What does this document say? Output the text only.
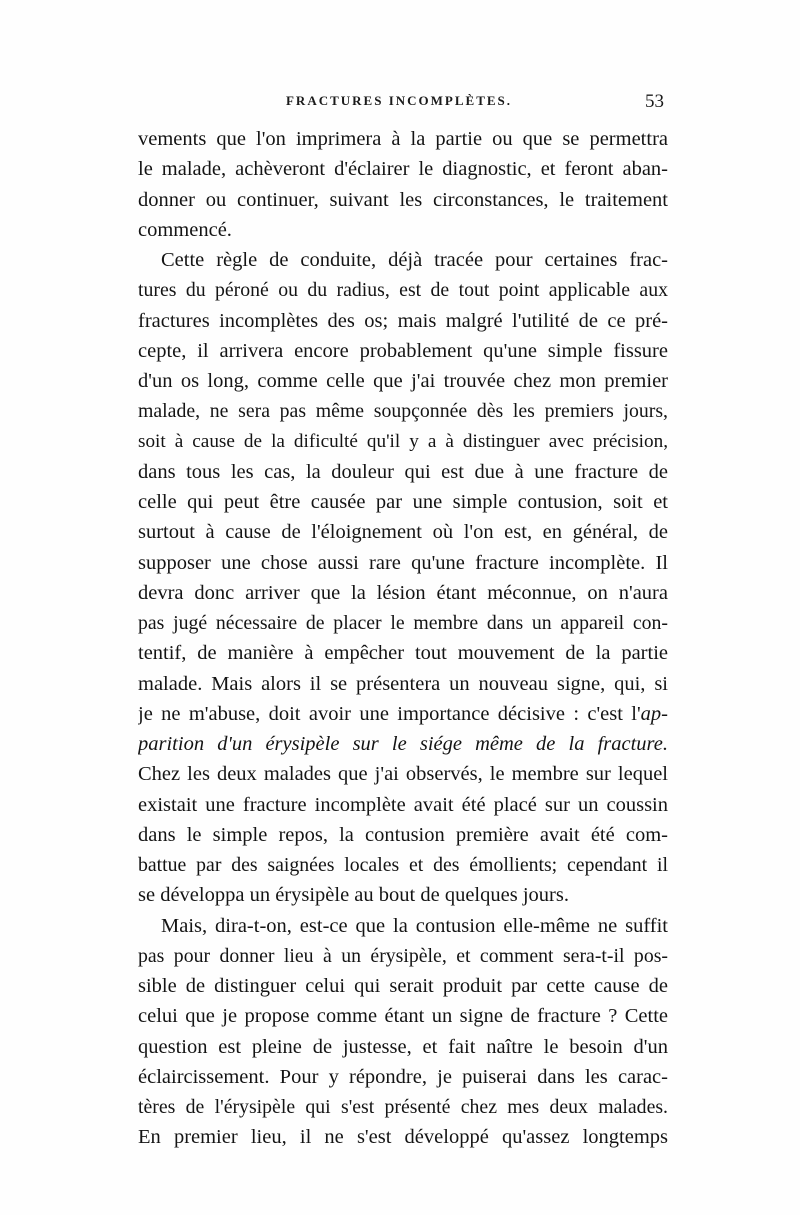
FRACTURES INCOMPLÈTES.	53
vements que l'on imprimera à la partie ou que se permettra
le malade, achèveront d'éclairer le diagnostic, et feront aban-
donner ou continuer, suivant les circonstances, le traitement
commencé.
Cette règle de conduite, déjà tracée pour certaines frac-
tures du péroné ou du radius, est de tout point applicable aux
fractures incomplètes des os; mais malgré l'utilité de ce pré-
cepte, il arrivera encore probablement qu'une simple fissure
d'un os long, comme celle que j'ai trouvée chez mon premier
malade, ne sera pas même soupçonnée dès les premiers jours,
soit à cause de la dificulté qu'il y a à distinguer avec précision,
dans tous les cas, la douleur qui est due à une fracture de
celle qui peut être causée par une simple contusion, soit et
surtout à cause de l'éloignement où l'on est, en général, de
supposer une chose aussi rare qu'une fracture incomplète. Il
devra donc arriver que la lésion étant méconnue, on n'aura
pas jugé nécessaire de placer le membre dans un appareil con-
tentif, de manière à empêcher tout mouvement de la partie
malade. Mais alors il se présentera un nouveau signe, qui, si
je ne m'abuse, doit avoir une importance décisive : c'est l'ap-
parition d'un érysipèle sur le siége même de la fracture.
Chez les deux malades que j'ai observés, le membre sur lequel
existait une fracture incomplète avait été placé sur un coussin
dans le simple repos, la contusion première avait été com-
battue par des saignées locales et des émollients; cependant il
se développa un érysipèle au bout de quelques jours.
Mais, dira-t-on, est-ce que la contusion elle-même ne suffit
pas pour donner lieu à un érysipèle, et comment sera-t-il pos-
sible de distinguer celui qui serait produit par cette cause de
celui que je propose comme étant un signe de fracture ? Cette
question est pleine de justesse, et fait naître le besoin d'un
éclaircissement. Pour y répondre, je puiserai dans les carac-
tères de l'érysipèle qui s'est présenté chez mes deux malades.
En premier lieu, il ne s'est développé qu'assez longtemps
